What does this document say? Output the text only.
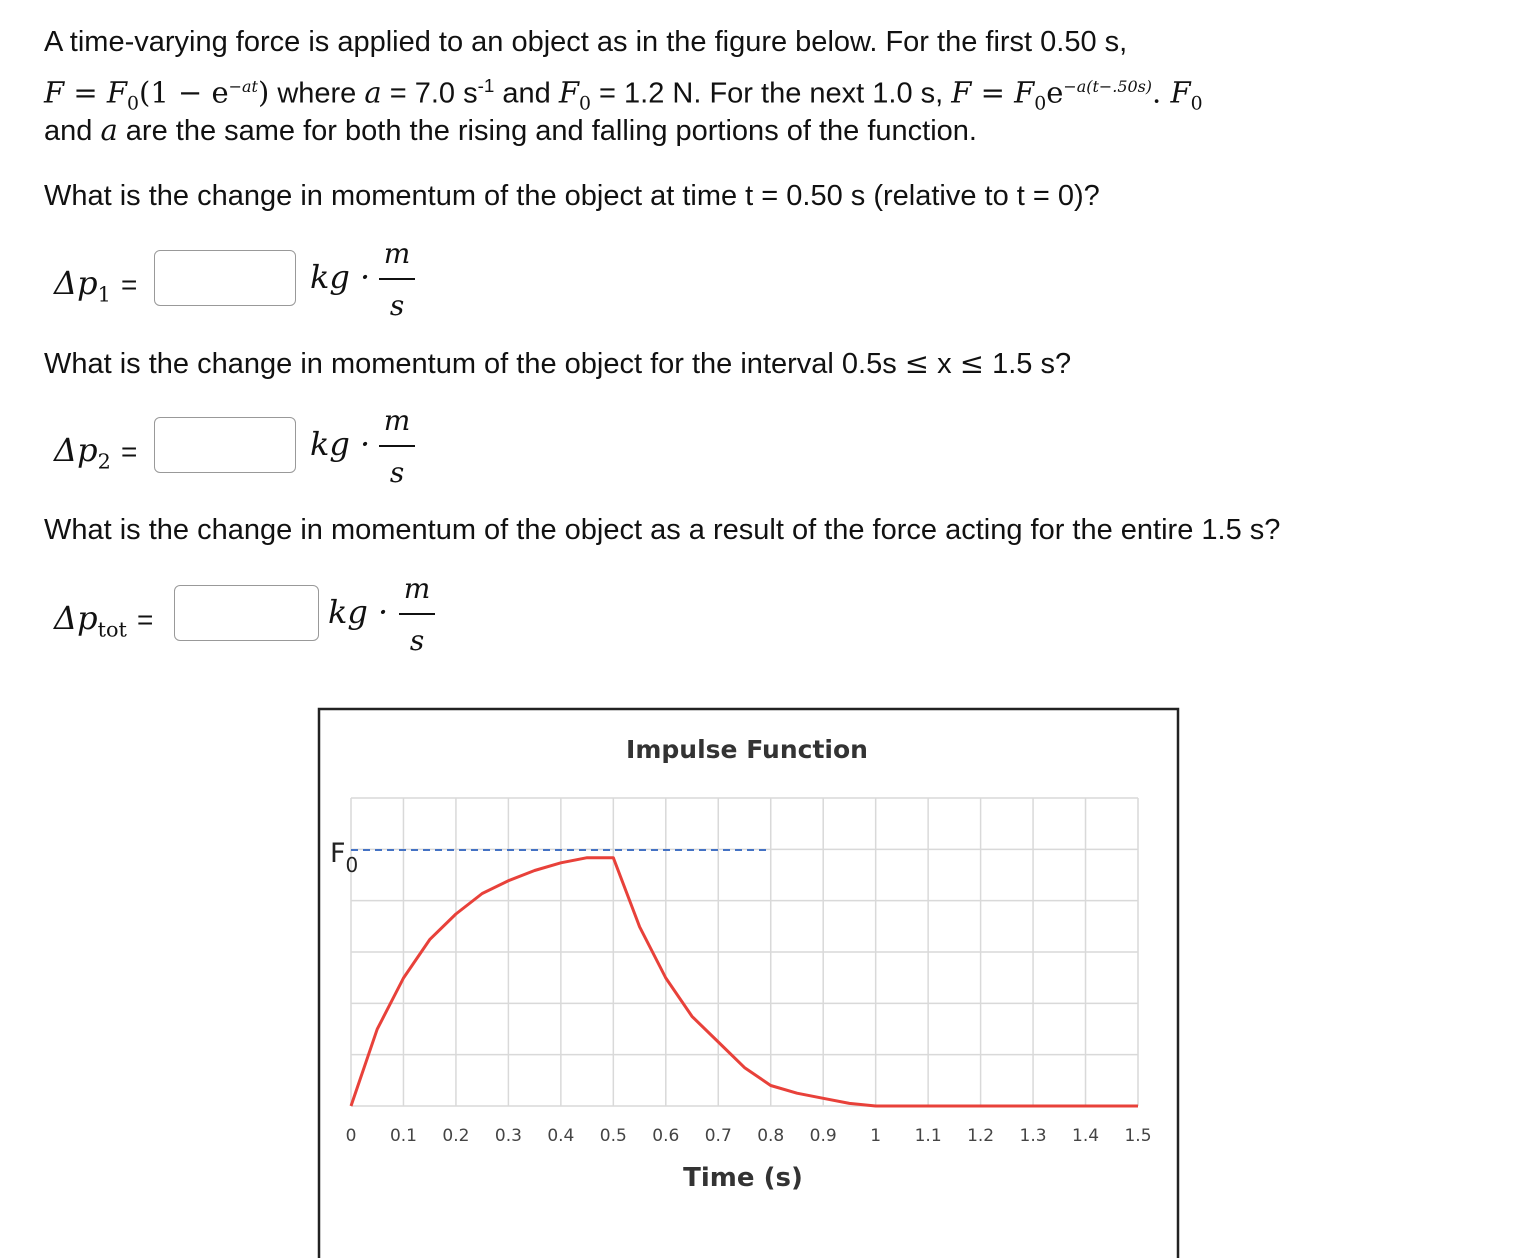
A time-varying force is applied to an object as in the figure below. For the first 0.50 s,
$F = F_0(1 - e^{-at})$ where a = 7.0 $s^{-1}$ and $F_0 = 1.2$ N. For the next 1.0 s, $F = F_0e^{-a(t-.50s)}$. $F_0$
and a are the same for both the rising and falling portions of the function.
What is the change in momentum of the object at time t = 0.50 s (relative to t = 0)?
$\Delta p_1$ =	kg ·
m
s
What is the change in momentum of the object for the interval 0.5s ≤ x ≤ 1.5 s?
$\Delta p_2$ =	kg ·
m
s
What is the change in momentum of the object as a result of the force acting for the entire 1.5 s?
$\Delta p_{tot}$ =	kg ·
m
s
Impulse Function
0 0.1 0.2 0.3 0.4 0.5 0.6 0.7 0.8 0.9 1 1.1 1.2 1.3 1.4 1.5
$F_0$
Time (s)
